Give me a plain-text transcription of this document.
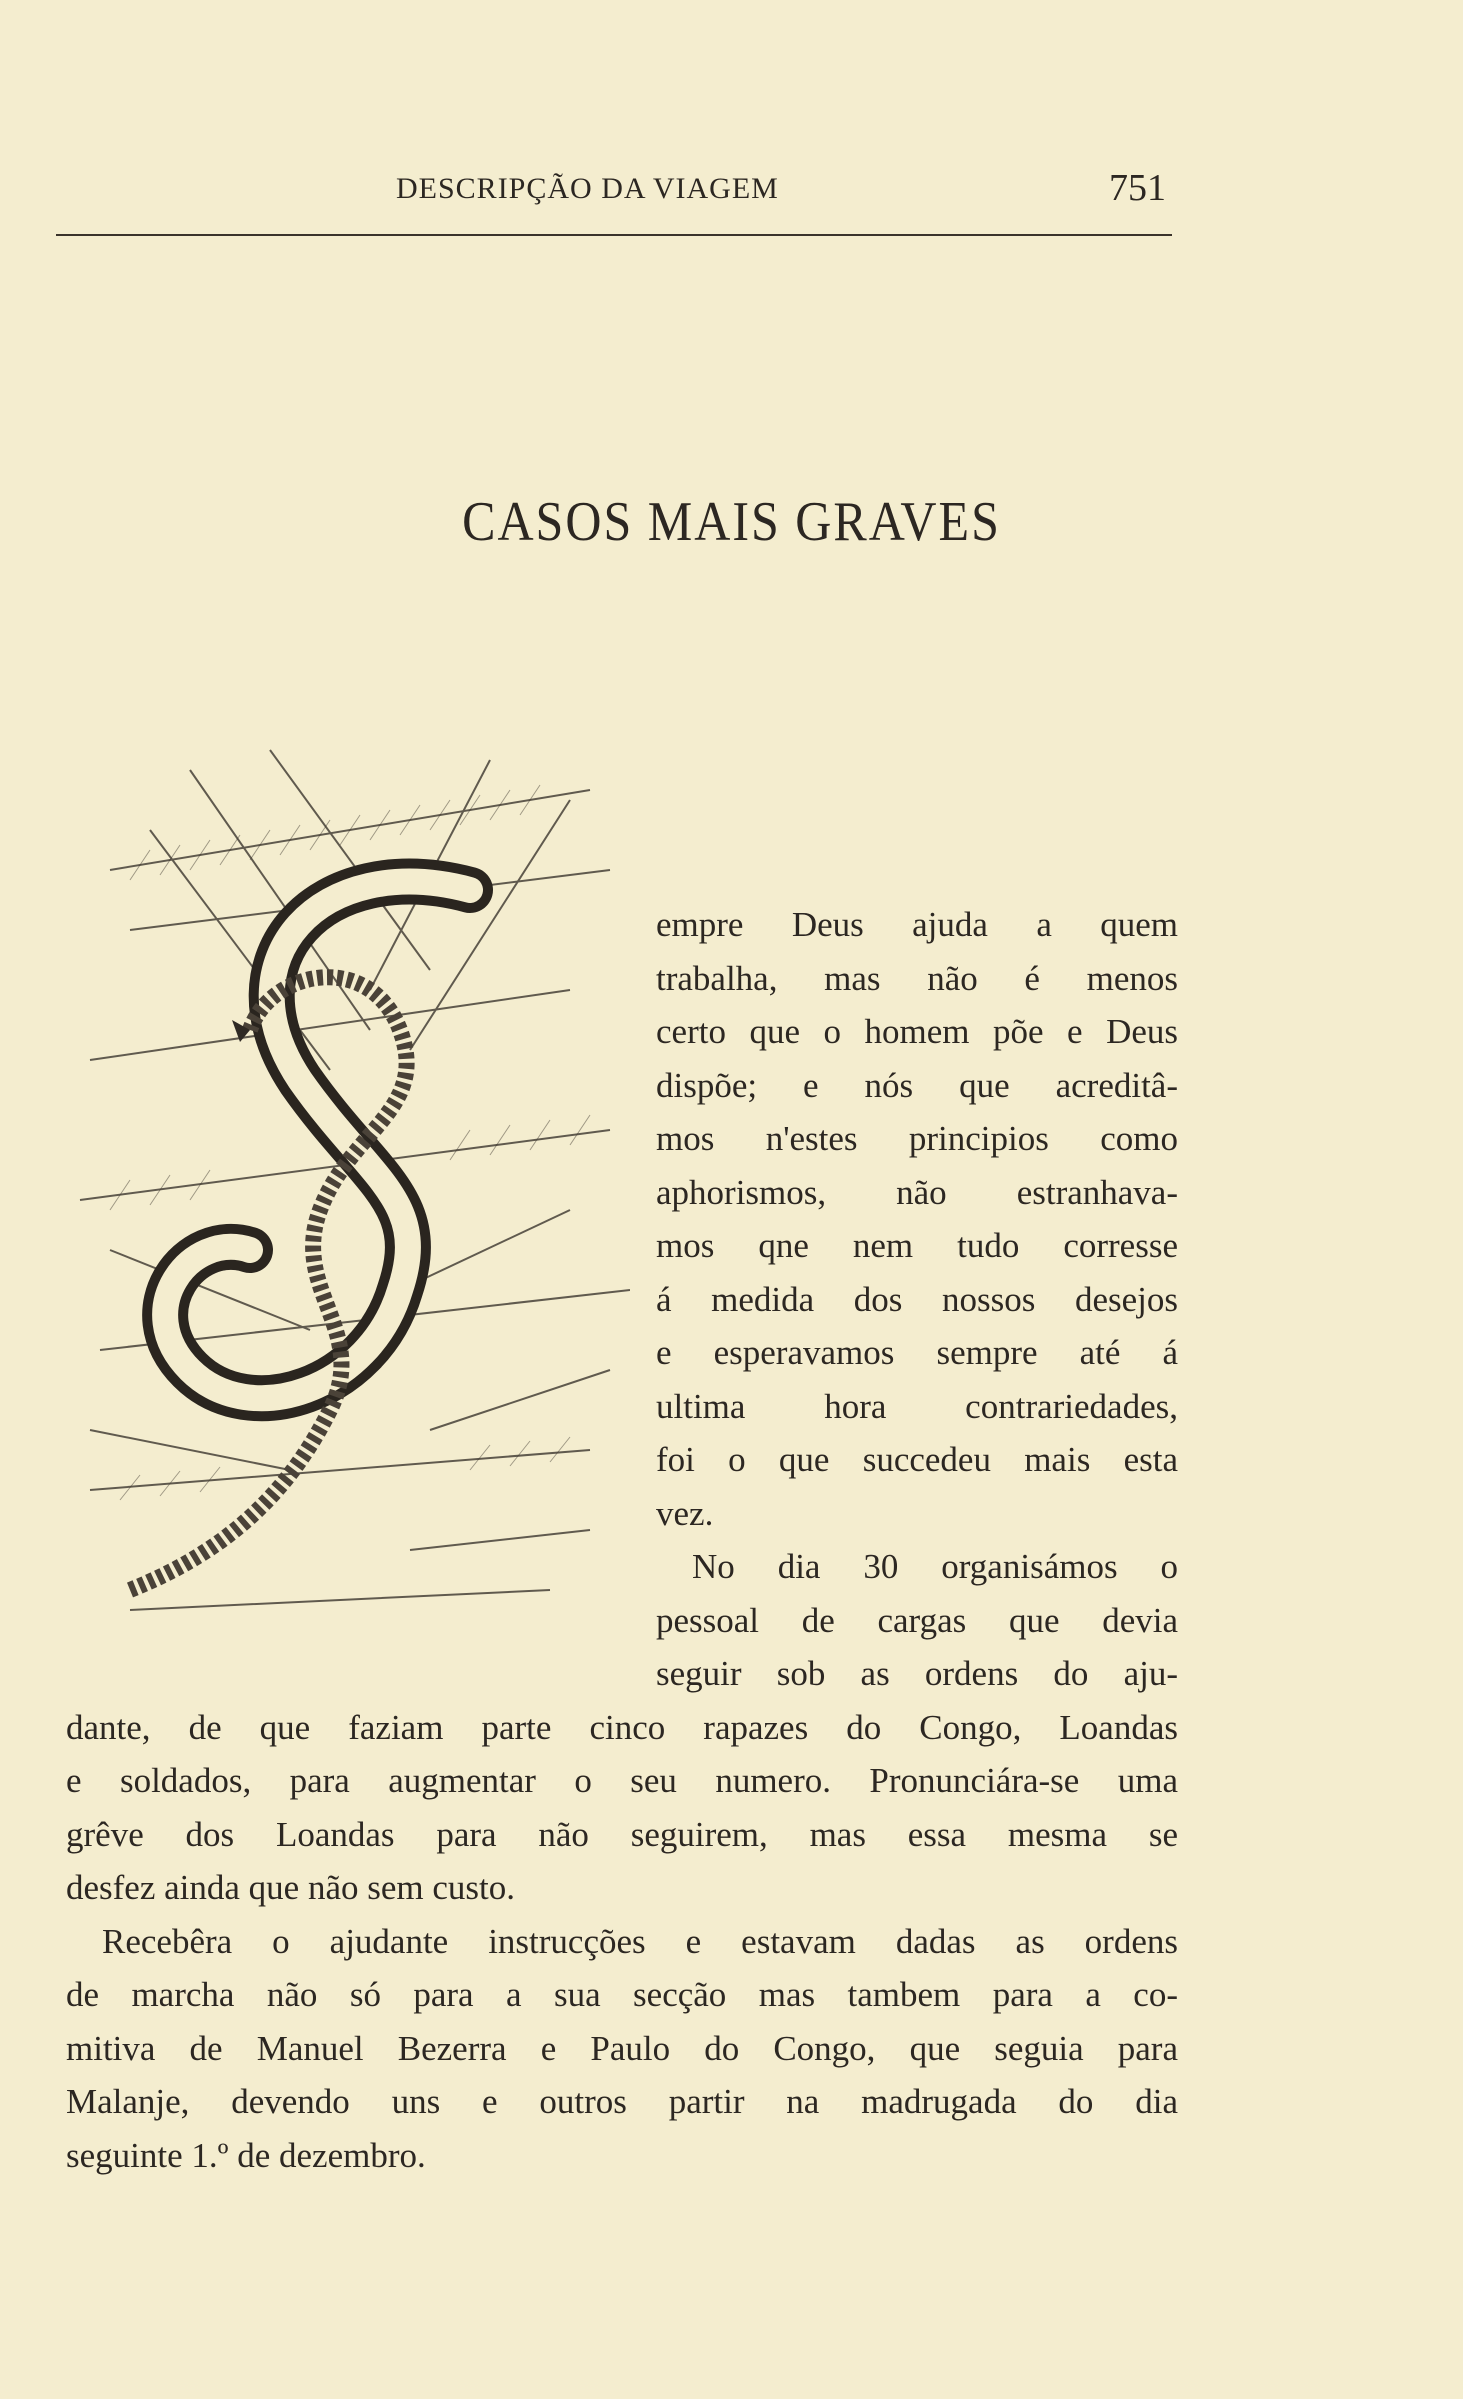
DESCRIPÇÃO DA VIAGEM	751
CASOS MAIS GRAVES
empre Deus ajuda a quem
trabalha, mas não é menos
certo que o homem põe e Deus
dispõe; e nós que acreditâ-
mos n'estes principios como
aphorismos, não estranhava-
mos qne nem tudo corresse
á medida dos nossos desejos
e esperavamos sempre até á
ultima hora contrariedades,
foi o que succedeu mais esta
vez.
No dia 30 organisámos o
pessoal de cargas que devia
seguir sob as ordens do aju-
dante, de que faziam parte cinco rapazes do Congo, Loandas
e soldados, para augmentar o seu numero. Pronunciára-se uma
grêve dos Loandas para não seguirem, mas essa mesma se
desfez ainda que não sem custo.
Recebêra o ajudante instrucções e estavam dadas as ordens
de marcha não só para a sua secção mas tambem para a co-
mitiva de Manuel Bezerra e Paulo do Congo, que seguia para
Malanje, devendo uns e outros partir na madrugada do dia
seguinte 1.º de dezembro.
